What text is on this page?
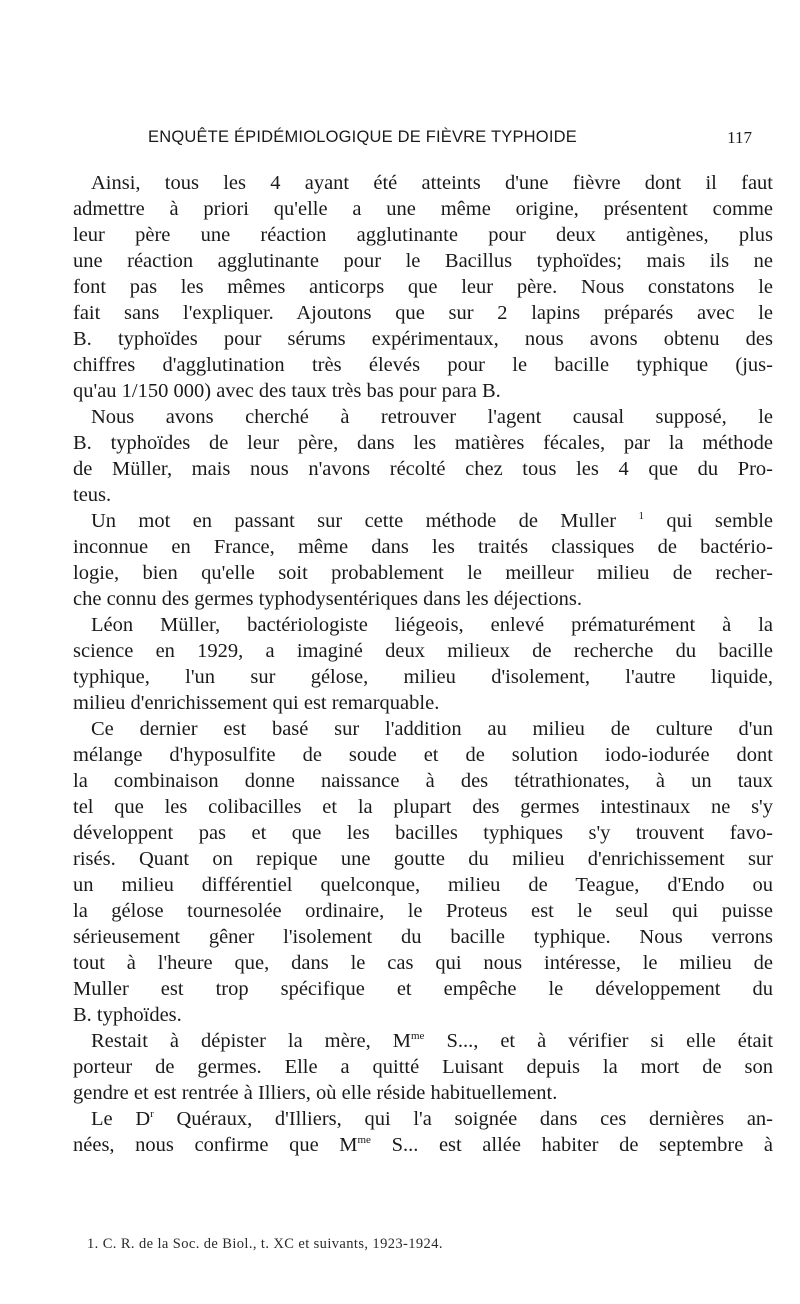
ENQUÊTE ÉPIDÉMIOLOGIQUE DE FIÈVRE TYPHOIDE	117
Ainsi, tous les 4 ayant été atteints d'une fièvre dont il faut
admettre à priori qu'elle a une même origine, présentent comme
leur père une réaction agglutinante pour deux antigènes, plus
une réaction agglutinante pour le Bacillus typhoïdes; mais ils ne
font pas les mêmes anticorps que leur père. Nous constatons le
fait sans l'expliquer. Ajoutons que sur 2 lapins préparés avec le
B. typhoïdes pour sérums expérimentaux, nous avons obtenu des
chiffres d'agglutination très élevés pour le bacille typhique (jus-
qu'au 1/150 000) avec des taux très bas pour para B.
Nous avons cherché à retrouver l'agent causal supposé, le
B. typhoïdes de leur père, dans les matières fécales, par la méthode
de Müller, mais nous n'avons récolté chez tous les 4 que du Pro-
teus.
Un mot en passant sur cette méthode de Muller $^1$ qui semble
inconnue en France, même dans les traités classiques de bactério-
logie, bien qu'elle soit probablement le meilleur milieu de recher-
che connu des germes typhodysentériques dans les déjections.
Léon Müller, bactériologiste liégeois, enlevé prématurément à la
science en 1929, a imaginé deux milieux de recherche du bacille
typhique, l'un sur gélose, milieu d'isolement, l'autre liquide,
milieu d'enrichissement qui est remarquable.
Ce dernier est basé sur l'addition au milieu de culture d'un
mélange d'hyposulfite de soude et de solution iodo-iodurée dont
la combinaison donne naissance à des tétrathionates, à un taux
tel que les colibacilles et la plupart des germes intestinaux ne s'y
développent pas et que les bacilles typhiques s'y trouvent favo-
risés. Quant on repique une goutte du milieu d'enrichissement sur
un milieu différentiel quelconque, milieu de Teague, d'Endo ou
la gélose tournesolée ordinaire, le Proteus est le seul qui puisse
sérieusement gêner l'isolement du bacille typhique. Nous verrons
tout à l'heure que, dans le cas qui nous intéresse, le milieu de
Muller est trop spécifique et empêche le développement du
B. typhoïdes.
Restait à dépister la mère, $M^{me}$ S..., et à vérifier si elle était
porteur de germes. Elle a quitté Luisant depuis la mort de son
gendre et est rentrée à Illiers, où elle réside habituellement.
Le $D^r$ Quéraux, d'Illiers, qui l'a soignée dans ces dernières an-
nées, nous confirme que $M^{me}$ S... est allée habiter de septembre à
1. C. R. de la Soc. de Biol., t. XC et suivants, 1923-1924.
